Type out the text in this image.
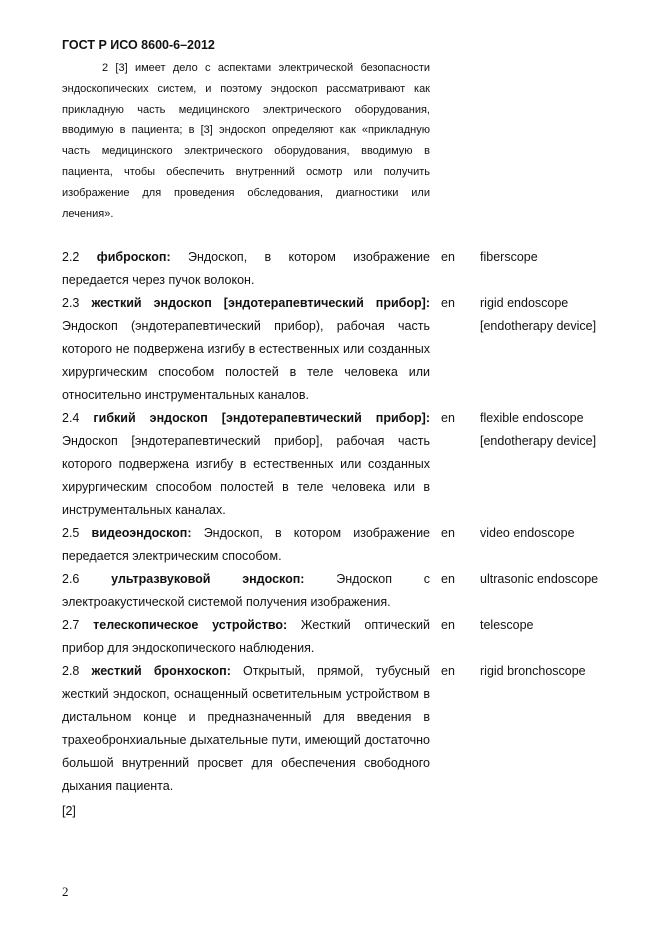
ГОСТ Р ИСО 8600-6–2012
2 [3] имеет дело с аспектами электрической безопасности эндоскопических систем, и поэтому эндоскоп рассматривают как прикладную часть медицинского электрического оборудования, вводимую в пациента; в [3] эндоскоп определяют как «прикладную часть медицинского электрического оборудования, вводимую в пациента, чтобы обеспечить внутренний осмотр или получить изображение для проведения обследования, диагностики или лечения».
2.2 фиброскоп: Эндоскоп, в котором изображение передается через пучок волокон.
en fiberscope
2.3 жесткий эндоскоп [эндотерапевтический прибор]: Эндоскоп (эндотерапевтический прибор), рабочая часть которого не подвержена изгибу в естественных или созданных хирургическим способом полостей в теле человека или относительно инструментальных каналов.
en rigid endoscope
[endotherapy device]
2.4 гибкий эндоскоп [эндотерапевтический прибор]: Эндоскоп [эндотерапевтический прибор], рабочая часть которого подвержена изгибу в естественных или созданных хирургическим способом полостей в теле человека или в инструментальных каналах.
en flexible endoscope
[endotherapy device]
2.5 видеоэндоскоп: Эндоскоп, в котором изображение передается электрическим способом.
en video endoscope
2.6	ультразвуковой эндоскоп:	Эндоскоп с электроакустической системой получения изображения.
en ultrasonic endoscope
2.7 телескопическое устройство: Жесткий оптический прибор для эндоскопического наблюдения.
en telescope
2.8 жесткий бронхоскоп: Открытый, прямой, тубусный жесткий эндоскоп, оснащенный осветительным устройством в дистальном конце и предназначенный для введения в трахеобронхиальные дыхательные пути, имеющий достаточно большой внутренний просвет для обеспечения свободного дыхания пациента.
en rigid bronchoscope
[2]
2
